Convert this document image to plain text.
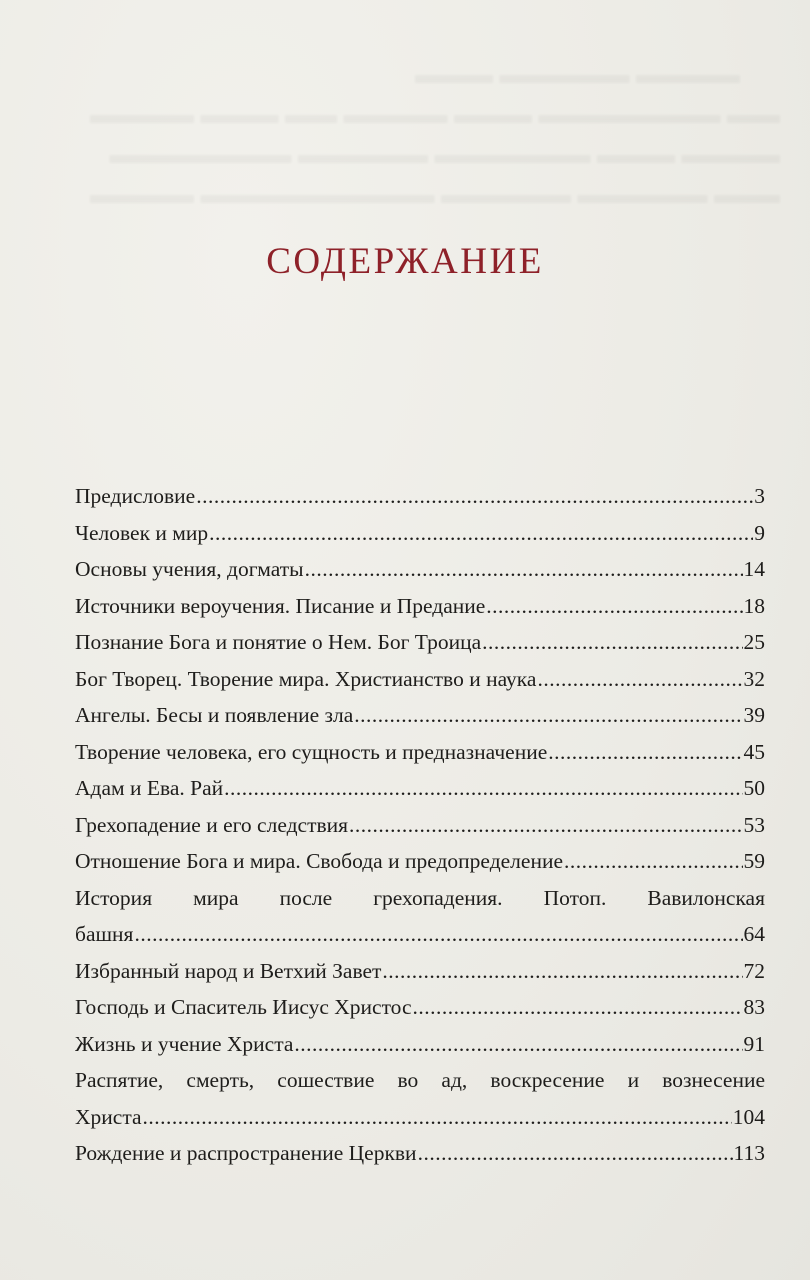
СОДЕРЖАНИЕ
Предисловие .....	3
Человек и мир .....	9
Основы учения, догматы .....	14
Источники вероучения. Писание и Предание .....	18
Познание Бога и понятие о Нем. Бог Троица .....	25
Бог Творец. Творение мира. Христианство и наука .....	32
Ангелы. Бесы и появление зла .....	39
Творение человека, его сущность и предназначение .....	45
Адам и Ева. Рай .....	50
Грехопадение и его следствия .....	53
Отношение Бога и мира. Свобода и предопределение .....	59
История мира после грехопадения. Потоп. Вавилонская
башня .....	64
Избранный народ и Ветхий Завет .....	72
Господь и Спаситель Иисус Христос .....	83
Жизнь и учение Христа .....	91
Распятие, смерть, сошествие во ад, воскресение и вознесение
Христа .....	104
Рождение и распространение Церкви .....	113
